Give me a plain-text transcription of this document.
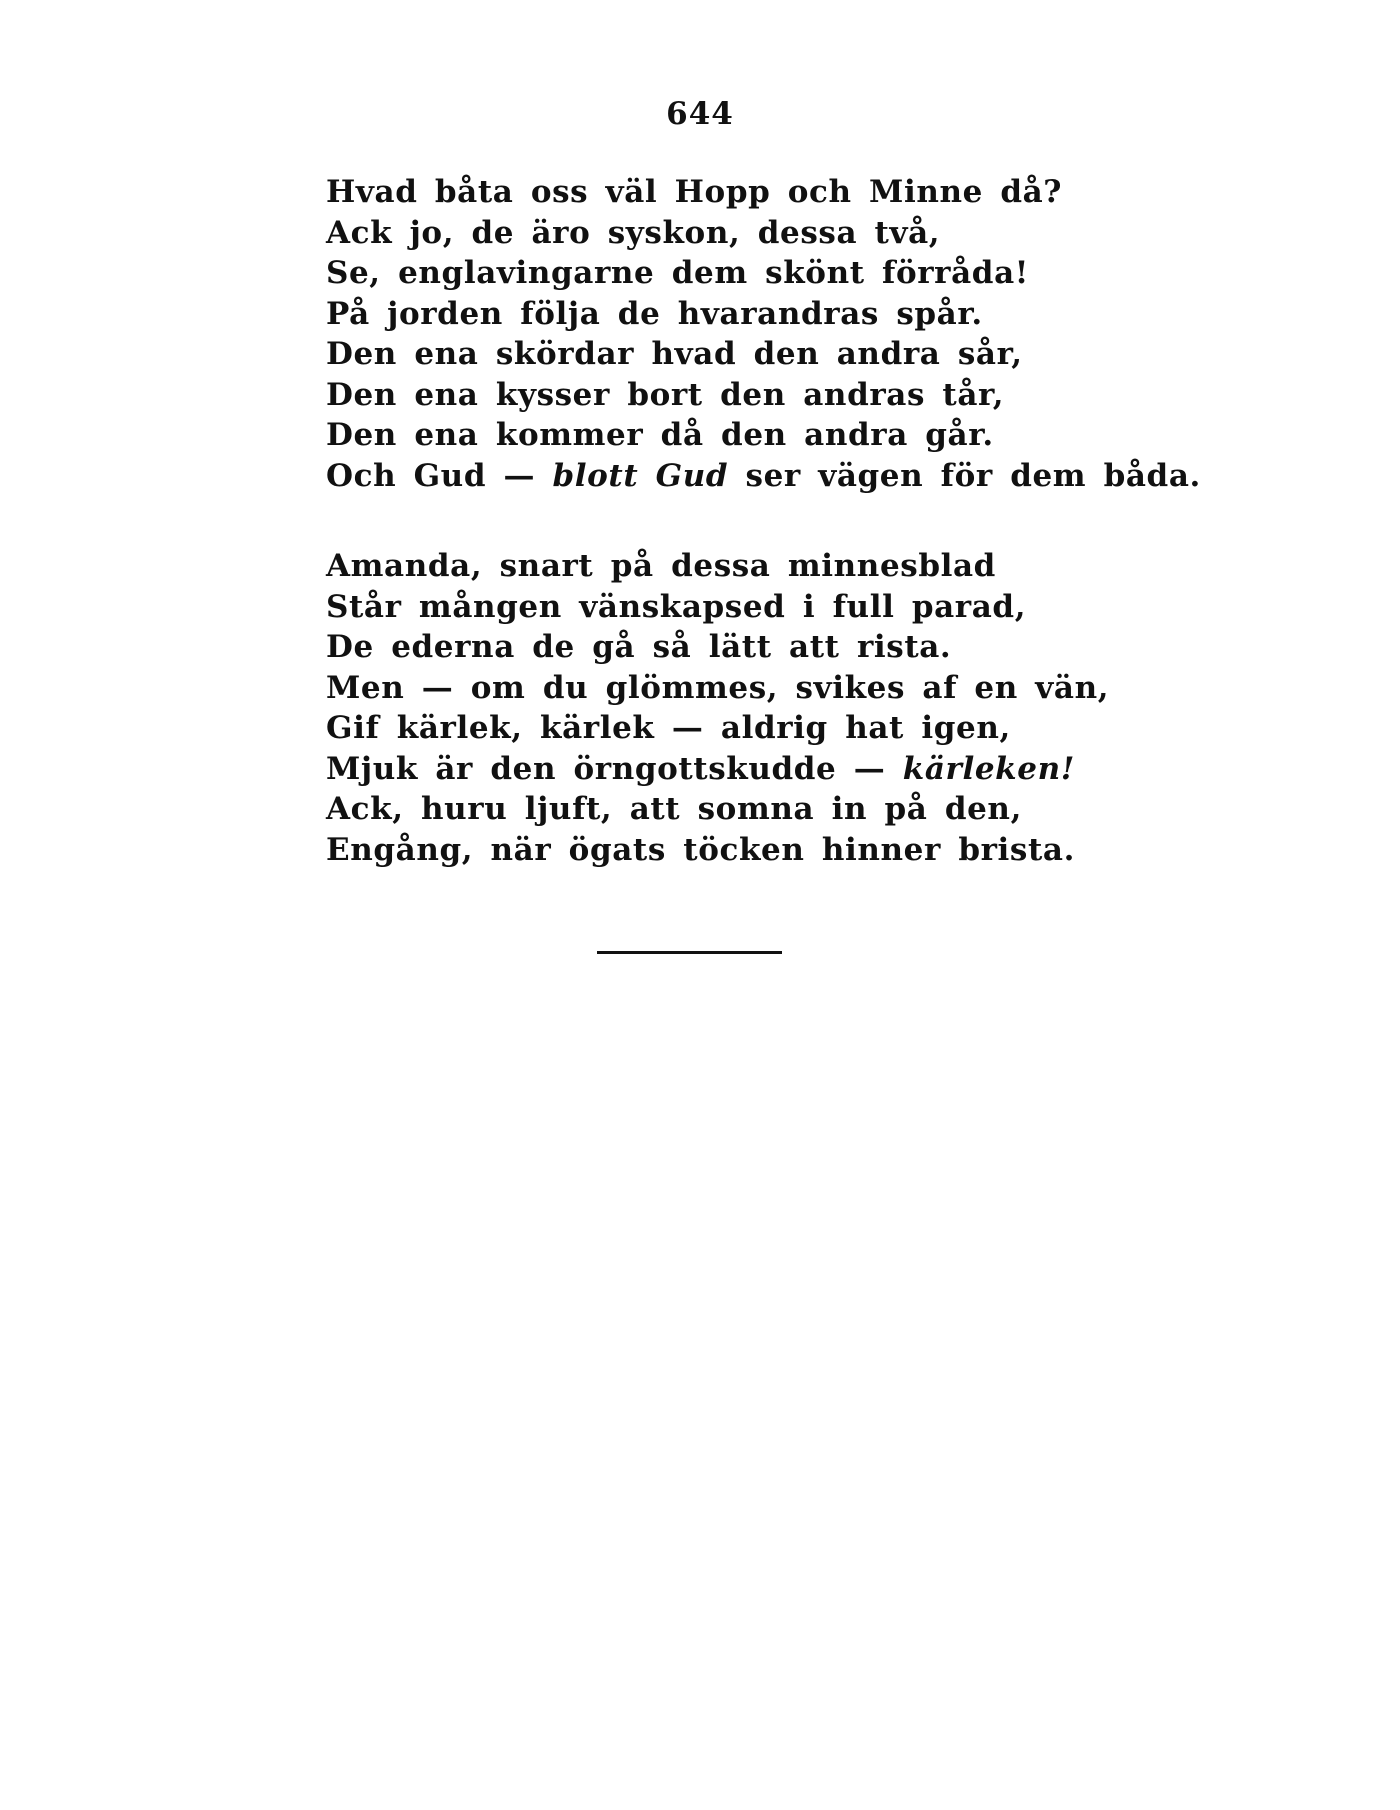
644
Hvad båta oss väl Hopp och Minne då?
Ack jo, de äro syskon, dessa två,
Se, englavingarne dem skönt förråda!
På jorden följa de hvarandras spår.
Den ena skördar hvad den andra sår,
Den ena kysser bort den andras tår,
Den ena kommer då den andra går.
Och Gud — blott Gud ser vägen för dem båda.
Amanda, snart på dessa minnesblad
Står mången vänskapsed i full parad,
De ederna de gå så lätt att rista.
Men — om du glömmes, svikes af en vän,
Gif kärlek, kärlek — aldrig hat igen,
Mjuk är den örngottskudde — kärleken!
Ack, huru ljuft, att somna in på den,
Engång, när ögats töcken hinner brista.
